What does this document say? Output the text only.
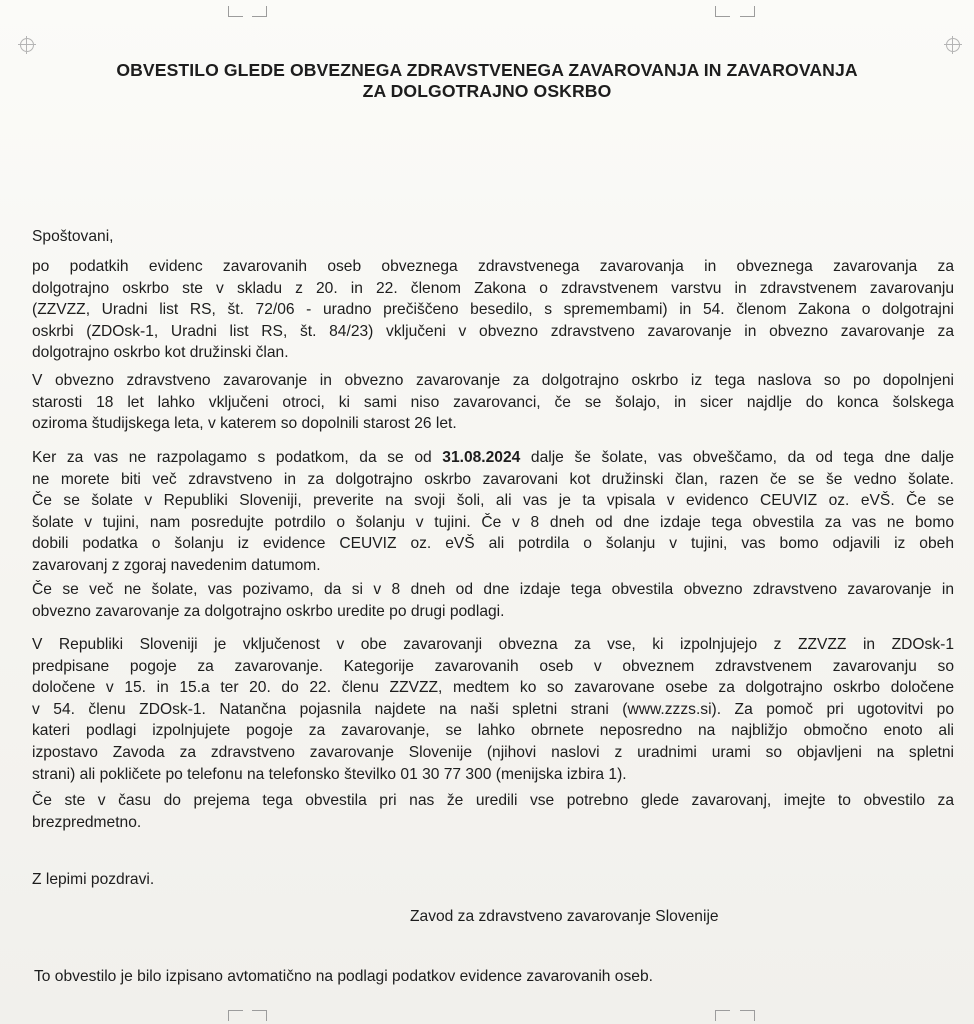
OBVESTILO GLEDE OBVEZNEGA ZDRAVSTVENEGA ZAVAROVANJA IN ZAVAROVANJA
ZA DOLGOTRAJNO OSKRBO

Spoštovani,

po podatkih evidenc zavarovanih oseb obveznega zdravstvenega zavarovanja in obveznega zavarovanja za
dolgotrajno oskrbo ste v skladu z 20. in 22. členom Zakona o zdravstvenem varstvu in zdravstvenem zavarovanju
(ZZVZZ, Uradni list RS, št. 72/06 - uradno prečiščeno besedilo, s spremembami) in 54. členom Zakona o dolgotrajni
oskrbi (ZDOsk-1, Uradni list RS, št. 84/23) vključeni v obvezno zdravstveno zavarovanje in obvezno zavarovanje za
dolgotrajno oskrbo kot družinski član.

V obvezno zdravstveno zavarovanje in obvezno zavarovanje za dolgotrajno oskrbo iz tega naslova so po dopolnjeni
starosti 18 let lahko vključeni otroci, ki sami niso zavarovanci, če se šolajo, in sicer najdlje do konca šolskega
oziroma študijskega leta, v katerem so dopolnili starost 26 let.

Ker za vas ne razpolagamo s podatkom, da se od 31.08.2024 dalje še šolate, vas obveščamo, da od tega dne dalje
ne morete biti več zdravstveno in za dolgotrajno oskrbo zavarovani kot družinski član, razen če se še vedno šolate.
Če se šolate v Republiki Sloveniji, preverite na svoji šoli, ali vas je ta vpisala v evidenco CEUVIZ oz. eVŠ. Če se
šolate v tujini, nam posredujte potrdilo o šolanju v tujini. Če v 8 dneh od dne izdaje tega obvestila za vas ne bomo
dobili podatka o šolanju iz evidence CEUVIZ oz. eVŠ ali potrdila o šolanju v tujini, vas bomo odjavili iz obeh
zavarovanj z zgoraj navedenim datumom.

Če se več ne šolate, vas pozivamo, da si v 8 dneh od dne izdaje tega obvestila obvezno zdravstveno zavarovanje in
obvezno zavarovanje za dolgotrajno oskrbo uredite po drugi podlagi.

V Republiki Sloveniji je vključenost v obe zavarovanji obvezna za vse, ki izpolnjujejo z ZZVZZ in ZDOsk-1
predpisane pogoje za zavarovanje. Kategorije zavarovanih oseb v obveznem zdravstvenem zavarovanju so
določene v 15. in 15.a ter 20. do 22. členu ZZVZZ, medtem ko so zavarovane osebe za dolgotrajno oskrbo določene
v 54. členu ZDOsk-1. Natančna pojasnila najdete na naši spletni strani (www.zzzs.si). Za pomoč pri ugotovitvi po
kateri podlagi izpolnjujete pogoje za zavarovanje, se lahko obrnete neposredno na najbližjo območno enoto ali
izpostavo Zavoda za zdravstveno zavarovanje Slovenije (njihovi naslovi z uradnimi urami so objavljeni na spletni
strani) ali pokličete po telefonu na telefonsko številko 01 30 77 300 (menijska izbira 1).

Če ste v času do prejema tega obvestila pri nas že uredili vse potrebno glede zavarovanj, imejte to obvestilo za
brezpredmetno.

Z lepimi pozdravi.

Zavod za zdravstveno zavarovanje Slovenije

To obvestilo je bilo izpisano avtomatično na podlagi podatkov evidence zavarovanih oseb.
